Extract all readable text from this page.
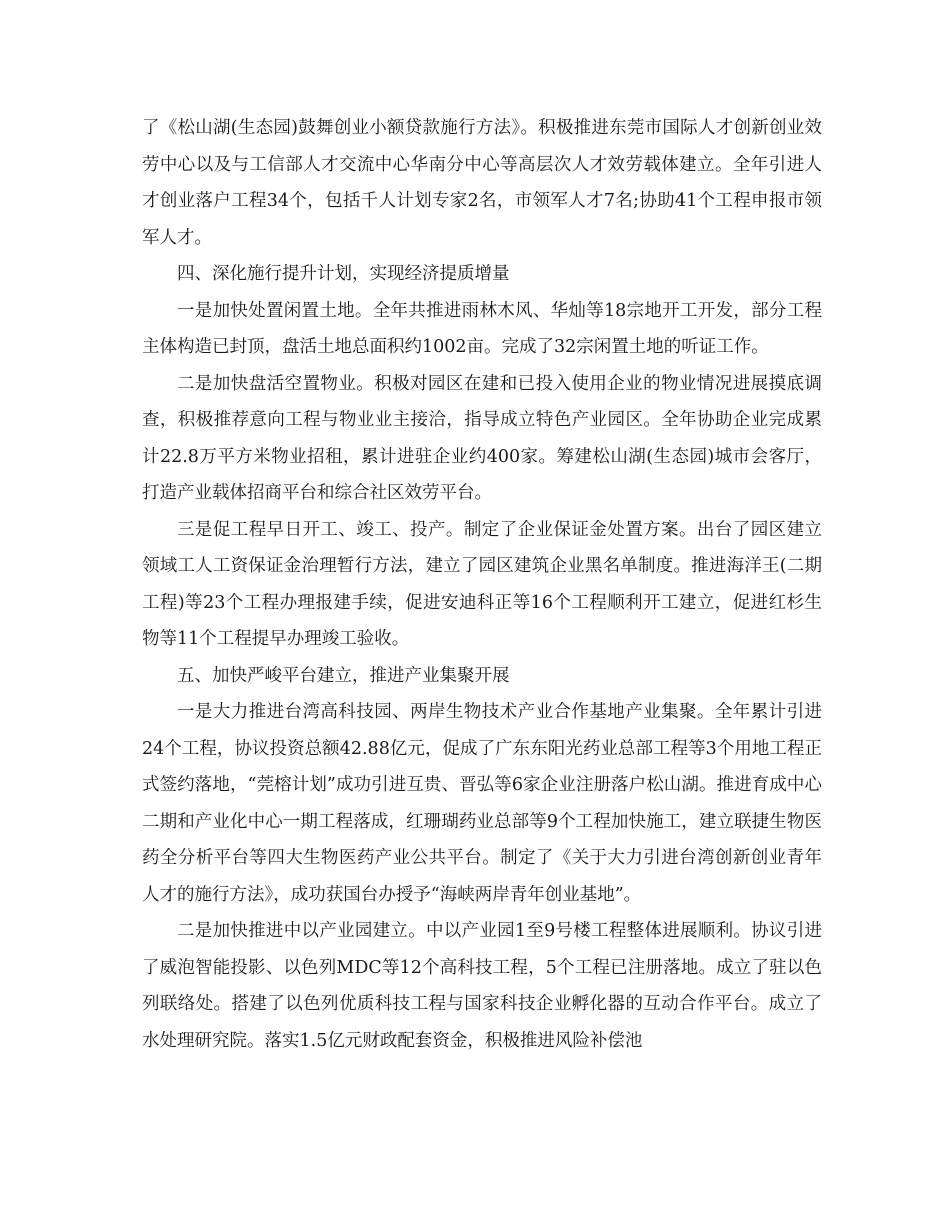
了《松山湖(生态园)鼓舞创业小额贷款施行方法》。积极推进东莞市国际人才创新创业效劳中心以及与工信部人才交流中心华南分中心等高层次人才效劳载体建立。全年引进人才创业落户工程34个，包括千人计划专家2名，市领军人才7名;协助41个工程申报市领军人才。

四、深化施行提升计划，实现经济提质增量

一是加快处置闲置土地。全年共推进雨林木风、华灿等18宗地开工开发，部分工程主体构造已封顶，盘活土地总面积约1002亩。完成了32宗闲置土地的听证工作。

二是加快盘活空置物业。积极对园区在建和已投入使用企业的物业情况进展摸底调查，积极推荐意向工程与物业业主接洽，指导成立特色产业园区。全年协助企业完成累计22.8万平方米物业招租，累计进驻企业约400家。筹建松山湖(生态园)城市会客厅，打造产业载体招商平台和综合社区效劳平台。

三是促工程早日开工、竣工、投产。制定了企业保证金处置方案。出台了园区建立领域工人工资保证金治理暂行方法，建立了园区建筑企业黑名单制度。推进海洋王(二期工程)等23个工程办理报建手续，促进安迪科正等16个工程顺利开工建立，促进红杉生物等11个工程提早办理竣工验收。

五、加快严峻平台建立，推进产业集聚开展

一是大力推进台湾高科技园、两岸生物技术产业合作基地产业集聚。全年累计引进24个工程，协议投资总额42.88亿元，促成了广东东阳光药业总部工程等3个用地工程正式签约落地，“莞榕计划”成功引进互贵、晋弘等6家企业注册落户松山湖。推进育成中心二期和产业化中心一期工程落成，红珊瑚药业总部等9个工程加快施工，建立联捷生物医药全分析平台等四大生物医药产业公共平台。制定了《关于大力引进台湾创新创业青年人才的施行方法》，成功获国台办授予“海峡两岸青年创业基地”。

二是加快推进中以产业园建立。中以产业园1至9号楼工程整体进展顺利。协议引进了威泡智能投影、以色列MDC等12个高科技工程，5个工程已注册落地。成立了驻以色列联络处。搭建了以色列优质科技工程与国家科技企业孵化器的互动合作平台。成立了水处理研究院。落实1.5亿元财政配套资金，积极推进风险补偿池
